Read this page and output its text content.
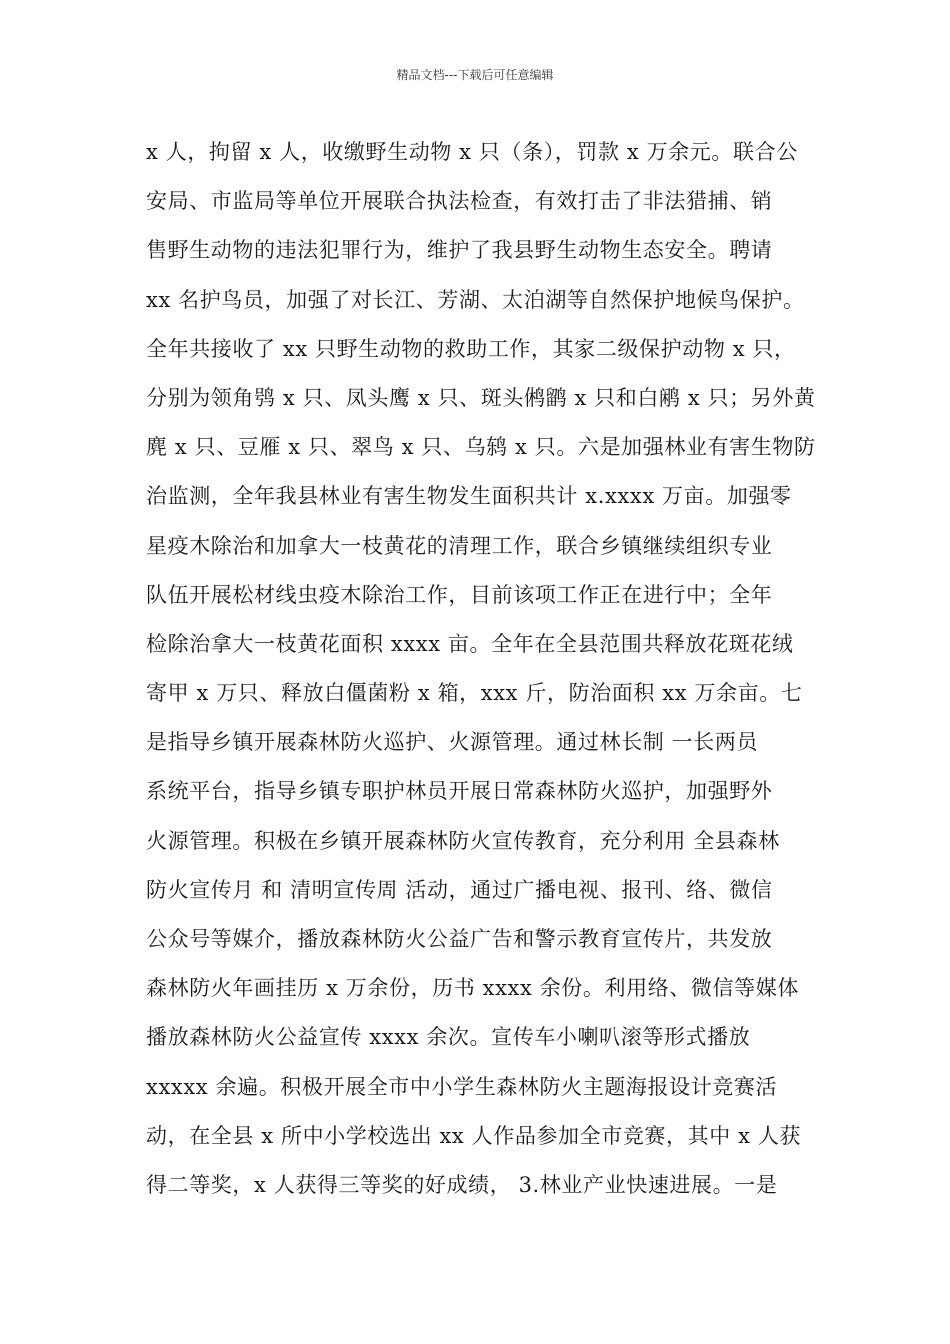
精品文档---下载后可任意编辑
x 人，拘留 x 人，收缴野生动物 x 只（条），罚款 x 万余元。联合公
安局、市监局等单位开展联合执法检查，有效打击了非法猎捕、销
售野生动物的违法犯罪行为，维护了我县野生动物生态安全。聘请
xx 名护鸟员，加强了对长江、芳湖、太泊湖等自然保护地候鸟保护。
全年共接收了 xx 只野生动物的救助工作，其家二级保护动物 x 只，
分别为领角鸮 x 只、凤头鹰 x 只、斑头鸺鹠 x 只和白鹇 x 只；另外黄
麂 x 只、豆雁 x 只、翠鸟 x 只、乌鸫 x 只。六是加强林业有害生物防
治监测，全年我县林业有害生物发生面积共计 x.xxxx 万亩。加强零
星疫木除治和加拿大一枝黄花的清理工作，联合乡镇继续组织专业
队伍开展松材线虫疫木除治工作，目前该项工作正在进行中；全年
检除治拿大一枝黄花面积 xxxx 亩。全年在全县范围共释放花斑花绒
寄甲 x 万只、释放白僵菌粉 x 箱，xxx 斤，防治面积 xx 万余亩。七
是指导乡镇开展森林防火巡护、火源管理。通过林长制 一长两员
系统平台，指导乡镇专职护林员开展日常森林防火巡护，加强野外
火源管理。积极在乡镇开展森林防火宣传教育，充分利用 全县森林
防火宣传月 和 清明宣传周 活动，通过广播电视、报刊、络、微信
公众号等媒介，播放森林防火公益广告和警示教育宣传片，共发放
森林防火年画挂历 x 万余份，历书 xxxx 余份。利用络、微信等媒体
播放森林防火公益宣传 xxxx 余次。宣传车小喇叭滚等形式播放
xxxxx 余遍。积极开展全市中小学生森林防火主题海报设计竞赛活
动，在全县 x 所中小学校选出 xx 人作品参加全市竞赛，其中 x 人获
得二等奖，x 人获得三等奖的好成绩， 3.林业产业快速进展。一是
